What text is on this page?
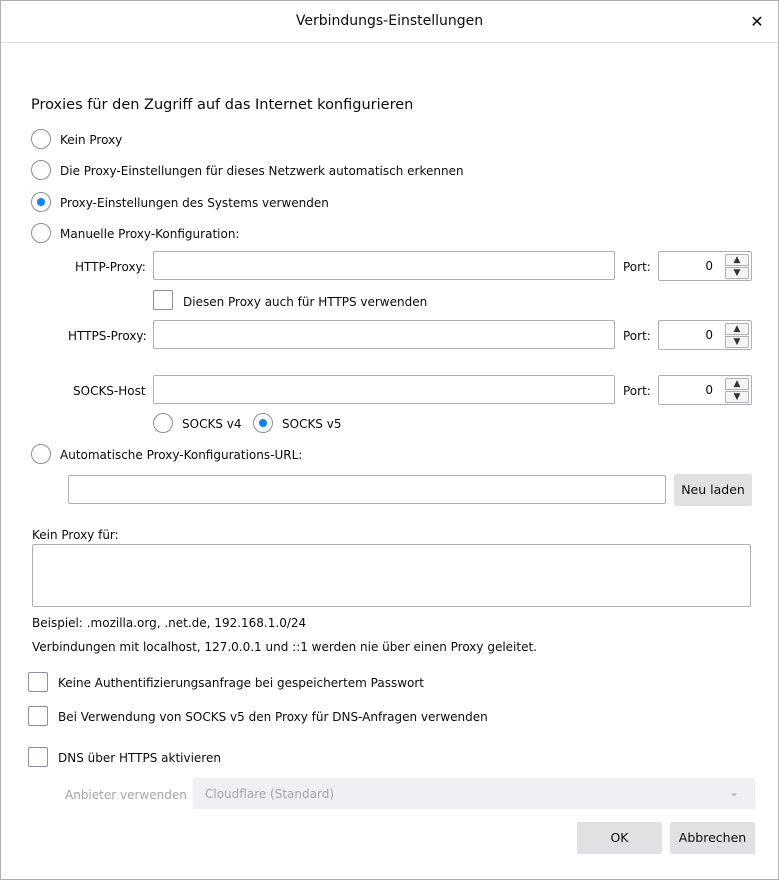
Verbindungs-Einstellungen	✕
Proxies für den Zugriff auf das Internet konfigurieren
Kein Proxy
Die Proxy-Einstellungen für dieses Netzwerk automatisch erkennen
Proxy-Einstellungen des Systems verwenden
Manuelle Proxy-Konfiguration:
HTTP-Proxy:	Port:	0	▲
▼
Diesen Proxy auch für HTTPS verwenden
HTTPS-Proxy:	Port:	0	▲
▼
SOCKS-Host	Port:	0	▲
▼
SOCKS v4	SOCKS v5
Automatische Proxy-Konfigurations-URL:
Neu laden
Kein Proxy für:
Beispiel: .mozilla.org, .net.de, 192.168.1.0/24
Verbindungen mit localhost, 127.0.0.1 und ::1 werden nie über einen Proxy geleitet.
Keine Authentifizierungsanfrage bei gespeichertem Passwort
Bei Verwendung von SOCKS v5 den Proxy für DNS-Anfragen verwenden
DNS über HTTPS aktivieren
Anbieter verwenden Cloudflare (Standard)	⌄
OK	Abbrechen
